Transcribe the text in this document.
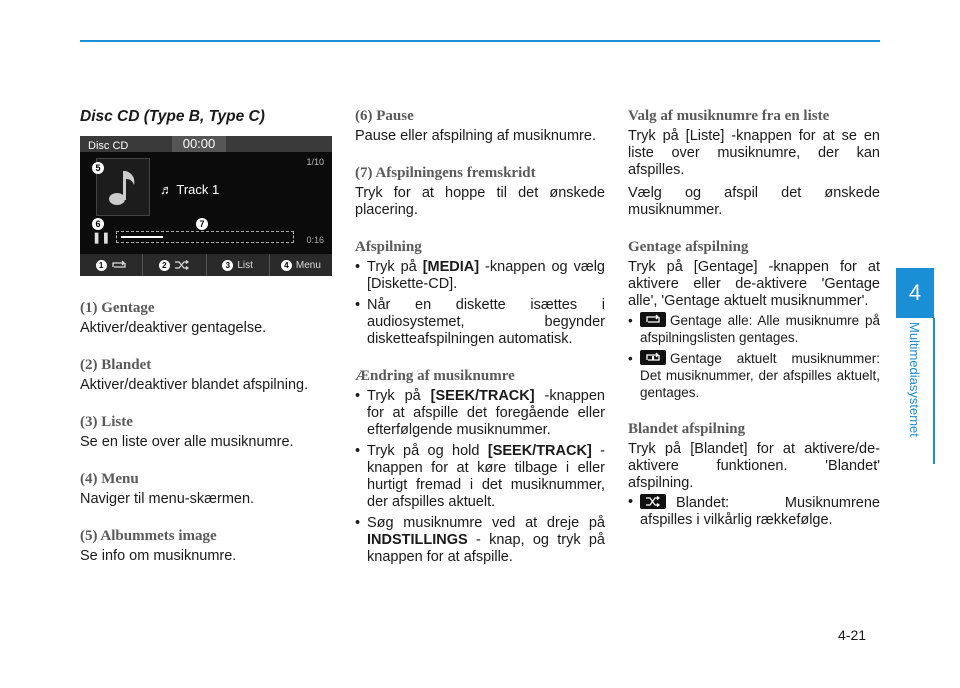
Disc CD (Type B, Type C)
Disc CD	00:00
1/10
5
6	7
♬ Track 1
❚❚	0:16
1	2	3 List	4 Menu
(1) Gentage

Aktiver/deaktiver gentagelse.

(2) Blandet

Aktiver/deaktiver blandet afspilning.

(3) Liste

Se en liste over alle musiknumre.

(4) Menu

Naviger til menu-skærmen.

(5) Albummets image

Se info om musiknumre.

(6) Pause

Pause eller afspilning af musiknumre.

(7) Afspilningens fremskridt

Tryk for at hoppe til det ønskede placering.

Afspilning
• Tryk på [MEDIA] -knappen og vælg [Diskette-CD].
• Når en diskette isættes i audiosystemet, begynder disketteafspilningen automatisk.
Ændring af musiknumre
• Tryk på [SEEK/TRACK] -knappen for at afspille det foregående eller efterfølgende musiknummer.
• Tryk på og hold [SEEK/TRACK] -knappen for at køre tilbage i eller hurtigt fremad i det musiknummer, der afspilles aktuelt.
• Søg musiknumre ved at dreje på INDSTILLINGS - knap, og tryk på knappen for at afspille.
Valg af musiknumre fra en liste

Tryk på [Liste] -knappen for at se en liste over musiknumre, der kan afspilles.

Vælg og afspil det ønskede musiknummer.

Gentage afspilning

Tryk på [Gentage] -knappen for at aktivere eller de-aktivere 'Gentage alle', 'Gentage aktuelt musiknummer'.

• Gentage alle: Alle musiknumre på afspilningslisten gentages.
• Gentage aktuelt musiknummer: Det musiknummer, der afspilles aktuelt, gentages.
Blandet afspilning

Tryk på [Blandet] for at aktivere/de-aktivere funktionen. 'Blandet' afspilning.

• Blandet: Musiknumrene afspilles i vilkårlig rækkefølge.
4
Multimediasystemet
4-21
